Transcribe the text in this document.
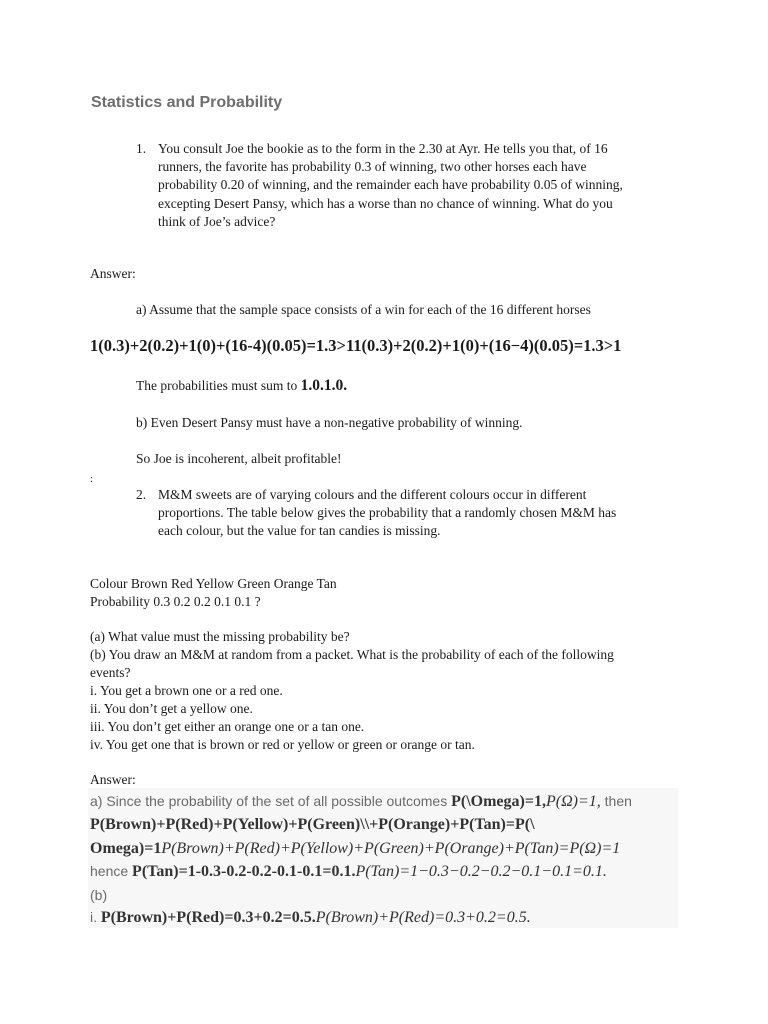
Statistics and Probability
1. You consult Joe the bookie as to the form in the 2.30 at Ayr. He tells you that, of 16
runners, the favorite has probability 0.3 of winning, two other horses each have
probability 0.20 of winning, and the remainder each have probability 0.05 of winning,
excepting Desert Pansy, which has a worse than no chance of winning. What do you
think of Joe’s advice?
Answer:
a) Assume that the sample space consists of a win for each of the 16 different horses
1(0.3)+2(0.2)+1(0)+(16-4)(0.05)=1.3>11(0.3)+2(0.2)+1(0)+(16−4)(0.05)=1.3>1
The probabilities must sum to 1.0.1.0.
b) Even Desert Pansy must have a non-negative probability of winning.
So Joe is incoherent, albeit profitable!
:
2. M&M sweets are of varying colours and the different colours occur in different
proportions. The table below gives the probability that a randomly chosen M&M has
each colour, but the value for tan candies is missing.
Colour Brown Red Yellow Green Orange Tan
Probability 0.3 0.2 0.2 0.1 0.1 ?
(a) What value must the missing probability be?
(b) You draw an M&M at random from a packet. What is the probability of each of the following
events?
i. You get a brown one or a red one.
ii. You don’t get a yellow one.
iii. You don’t get either an orange one or a tan one.
iv. You get one that is brown or red or yellow or green or orange or tan.
Answer:
a) Since the probability of the set of all possible outcomes P(\Omega)=1,P(Ω)=1, then
P(Brown)+P(Red)+P(Yellow)+P(Green)\\+P(Orange)+P(Tan)=P(\
Omega)=1P(Brown)+P(Red)+P(Yellow)+P(Green)+P(Orange)+P(Tan)=P(Ω)=1
hence P(Tan)=1-0.3-0.2-0.2-0.1-0.1=0.1.P(Tan)=1−0.3−0.2−0.2−0.1−0.1=0.1.
(b)
i. P(Brown)+P(Red)=0.3+0.2=0.5.P(Brown)+P(Red)=0.3+0.2=0.5.
